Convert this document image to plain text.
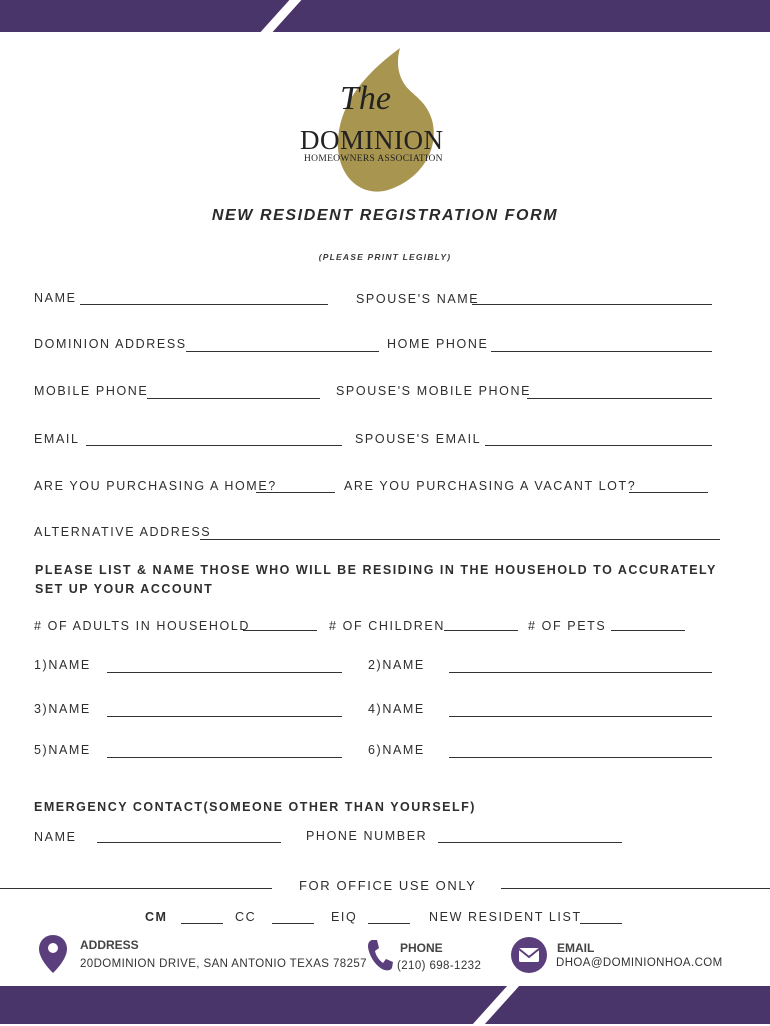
The
DOMINION
HOMEOWNERS ASSOCIATION
NEW RESIDENT REGISTRATION FORM
(PLEASE PRINT LEGIBLY)
NAME	SPOUSE'S NAME
DOMINION ADDRESS	HOME PHONE
MOBILE PHONE	SPOUSE'S MOBILE PHONE
EMAIL	SPOUSE'S EMAIL
ARE YOU PURCHASING A HOME?	ARE YOU PURCHASING A VACANT LOT?
ALTERNATIVE ADDRESS
PLEASE LIST & NAME THOSE WHO WILL BE RESIDING IN THE HOUSEHOLD TO ACCURATELY
SET UP YOUR ACCOUNT
# OF ADULTS IN HOUSEHOLD	# OF CHILDREN	# OF PETS
1)NAME	2)NAME
3)NAME	4)NAME
5)NAME	6)NAME
EMERGENCY CONTACT(SOMEONE OTHER THAN YOURSELF)
NAME	PHONE NUMBER
FOR OFFICE USE ONLY
CM	CC	EIQ	NEW RESIDENT LIST
ADDRESS
20DOMINION DRIVE, SAN ANTONIO TEXAS 78257
PHONE
(210) 698-1232
EMAIL
DHOA@DOMINIONHOA.COM
